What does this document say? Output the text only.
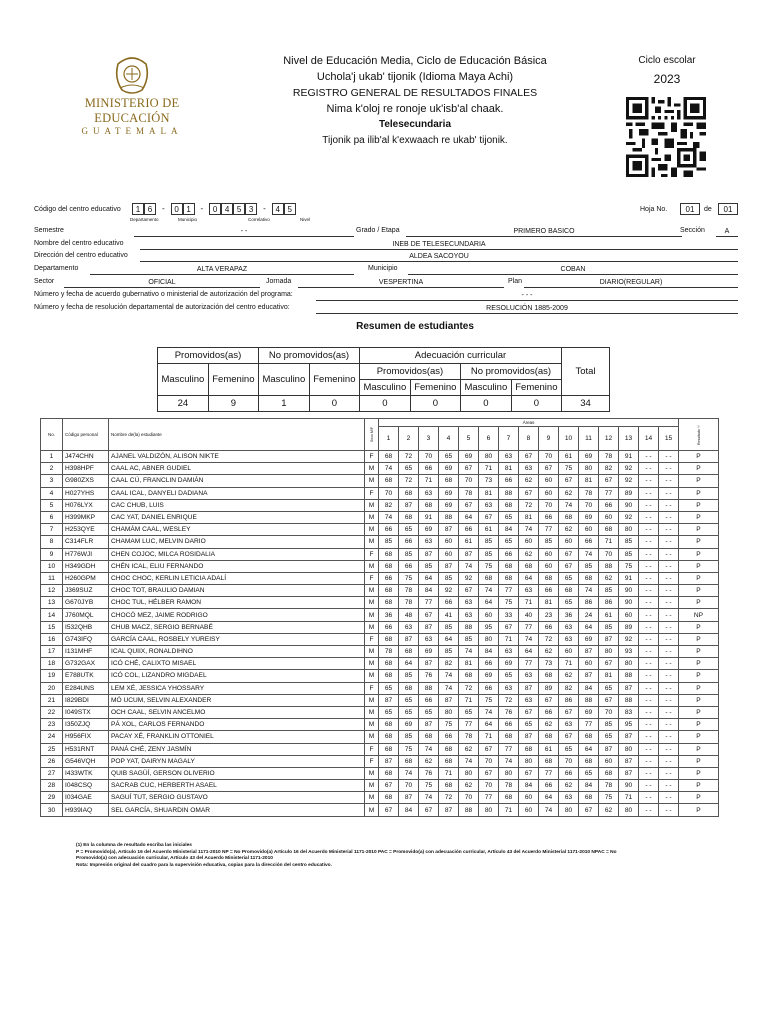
MINISTERIO DE EDUCACIÓN
GUATEMALA
Nivel de Educación Media, Ciclo de Educación Básica
Uchola'j ukab' tijonik (Idioma Maya Achi)
REGISTRO GENERAL DE RESULTADOS FINALES
Nima k'oloj re ronoje uk'isb'al chaak.
Telesecundaria
Tijonik pa ilib'al k'exwaach re ukab' tijonik.
Ciclo escolar
2023
Código del centro educativo	1 6 - 0 1 - 0 4 5 3 - 4 5
Departamento	Municipio	Correlativo	Nivel
Hoja No.	01	de	01
Semestre	- -	Grado / Etapa	PRIMERO BASICO	Sección	A
Nombre del centro educativo	INEB DE TELESECUNDARIA
Dirección del centro educativo	ALDEA SACOYOU
Departamento	ALTA VERAPAZ	Municipio	COBAN
Sector	OFICIAL	Jornada	VESPERTINA	Plan	DIARIO(REGULAR)
Número y fecha de acuerdo gubernativo o ministerial de autorización del programa:	- - -
Número y fecha de resolución departamental de autorización del centro educativo:	RESOLUCIÓN 1885-2009
Resumen de estudiantes
Promovidos(as)		No promovidos(as)		Adecuación curricular				Total
Masculino	Femenino	Masculino	Femenino	Promovidos(as)		No promovidos(as)		
				Masculino	Femenino	Masculino	Femenino	
24	9	1	0	0	0	0	0	34
No.	Código personal	Nombre de(la) estudiante	Sexo M/F	Áreas															Resultado ⁽¹⁾
				1	2	3	4	5	6	7	8	9	10	11	12	13	14	15	
1	J474CHN	AJANEL VALDIZÓN, ALISON NIKTE	F	68	72	70	65	69	80	63	67	70	61	69	78	91	- -	- -	P
2	H398HPF	CAAL AC, ABNER GUDIEL	M	74	65	66	69	67	71	81	63	67	75	80	82	92	- -	- -	P
3	G980ZXS	CAAL CÚ, FRANCLIN DAMIÁN	M	68	72	71	68	70	73	66	62	60	67	81	67	92	- -	- -	P
4	H027YHS	CAAL ICAL, DANYELI DADIANA	F	70	68	63	69	78	81	88	67	60	62	78	77	89	- -	- -	P
5	H076LYX	CAC CHUB, LUIS	M	82	87	68	69	67	63	68	72	70	74	70	66	90	- -	- -	P
6	H399MKP	CAC YAT, DANIEL ENRIQUE	M	74	68	91	88	64	67	65	81	66	68	69	60	92	- -	- -	P
7	H253QYE	CHAMÁM CAAL, WESLEY	M	66	65	69	87	66	61	84	74	77	62	60	68	80	- -	- -	P
8	C314FLR	CHAMAM LUC, MELVIN DARIO	M	85	66	63	60	61	85	65	60	85	60	66	71	85	- -	- -	P
9	H776WJI	CHEN COJOC, MILCA ROSIDALIA	F	68	85	87	60	87	85	66	62	60	67	74	70	85	- -	- -	P
10	H349GDH	CHÉN ICAL, ELIU FERNANDO	M	68	66	85	87	74	75	68	68	60	67	85	88	75	- -	- -	P
11	H260GPM	CHOC CHOC, KERLIN LETICIA ADALÍ	F	66	75	64	85	92	68	68	64	68	65	68	62	91	- -	- -	P
12	J369SUZ	CHOC TOT, BRAULIO DAMIAN	M	68	78	84	92	67	74	77	63	66	68	74	85	90	- -	- -	P
13	G670JYB	CHOC TUL, HÉLBER RAMON	M	68	78	77	66	63	64	75	71	81	65	86	86	90	- -	- -	P
14	J760MQL	CHOCÓ MEZ, JAIME RODRIGO	M	36	48	67	41	63	60	33	40	23	36	24	61	60	- -	- -	NP
15	I532QHB	CHUB MACZ, SERGIO BERNABÉ	M	66	63	87	85	88	95	67	77	66	63	64	85	89	- -	- -	P
16	G743IFQ	GARCÍA CAAL, ROSBELY YUREISY	F	68	87	63	64	85	80	71	74	72	63	69	87	92	- -	- -	P
17	I131MHF	ICAL QUIIX, RONALDIHNO	M	78	68	69	85	74	84	63	64	62	60	87	80	93	- -	- -	P
18	G732GAX	ICÓ CHÉ, CALIXTO MISAEL	M	68	64	87	82	81	66	69	77	73	71	60	67	80	- -	- -	P
19	E788UTK	ICÓ COL, LIZANDRO MIGDAEL	M	68	85	76	74	68	69	65	63	68	62	87	81	88	- -	- -	P
20	E284UNS	LEM XÉ, JESSICA YHOSSARY	F	65	68	88	74	72	66	63	87	89	82	84	65	87	- -	- -	P
21	I829BDI	MÓ UCUM, SELVIN ALEXANDER	M	87	65	66	87	71	75	72	63	67	86	88	67	88	- -	- -	P
22	I049STX	OCH CAAL, SELVIN ANCELMO	M	65	65	65	80	65	74	76	67	66	67	69	70	83	- -	- -	P
23	I350ZJQ	PÁ XOL, CARLOS FERNANDO	M	68	69	87	75	77	64	66	65	62	63	77	85	95	- -	- -	P
24	H956FIX	PACAY XÉ, FRANKLIN OTTONIEL	M	68	85	68	66	78	71	68	87	68	67	68	65	87	- -	- -	P
25	H531RNT	PANÁ CHÉ, ZENY JASMÍN	F	68	75	74	68	62	67	77	68	61	65	64	87	80	- -	- -	P
26	G546VQH	POP YAT, DAIRYN MAGALY	F	87	68	62	68	74	70	74	80	68	70	68	60	87	- -	- -	P
27	I433WTK	QUIB SAGÜÍ, GERSON OLIVERIO	M	68	74	76	71	80	67	80	67	77	66	65	68	87	- -	- -	P
28	I048CSQ	SACRAB CUC, HERBERTH ASAEL	M	67	70	75	68	62	70	78	84	66	62	84	78	90	- -	- -	P
29	I034GAE	SAGUÍ TUT, SERGIO GUSTAVO	M	68	87	74	72	70	77	68	60	64	63	68	75	71	- -	- -	P
30	H939IAQ	SEL GARCÍA, SHUARDIN OMAR	M	67	84	67	87	88	80	71	60	74	80	67	62	80	- -	- -	P
(1) En la columna de resultado escriba las iniciales
P = Promovido(a), Artículo 16 del Acuerdo Ministerial 1171-2010 NP = No Promovido(a) Artículo 16 del Acuerdo Ministerial 1171-2010 PAC = Promovido(a) con adecuación curricular, Artículo 43 del Acuerdo Ministerial 1171-2010 NPAC = No
Promovido(a) con adecuación curricular, Artículo 43 del Acuerdo Ministerial 1171-2010
Nota: Impresión original del cuadro para la supervisión educativa, copias para la dirección del centro educativo.
